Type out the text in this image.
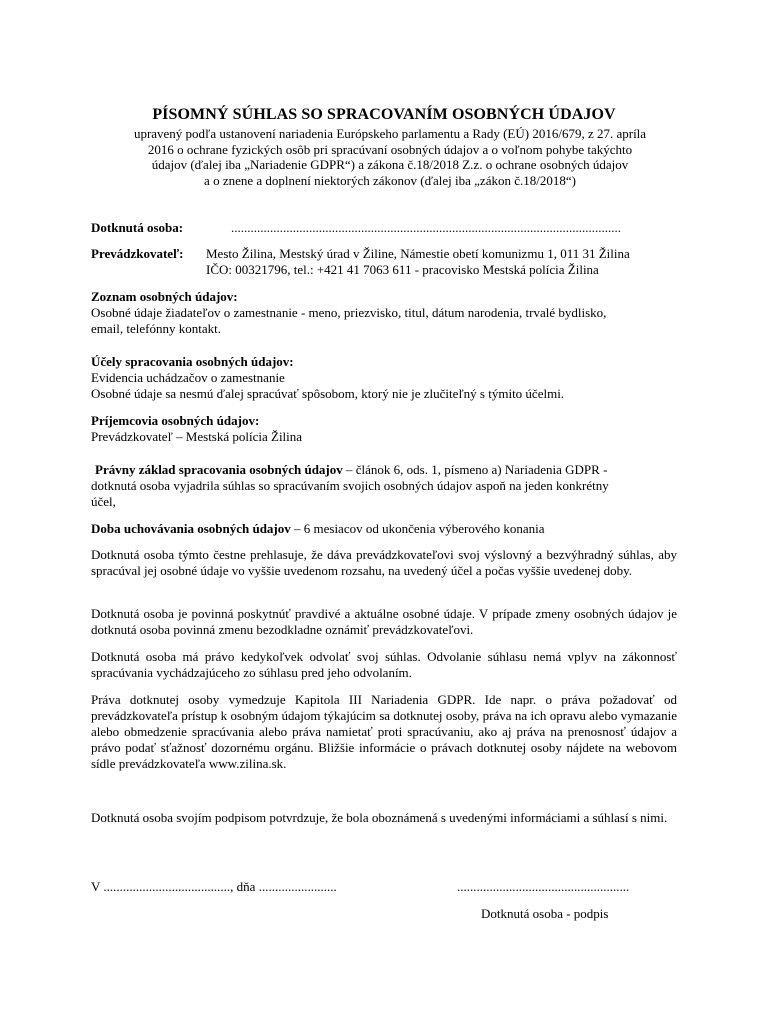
PÍSOMNÝ SÚHLAS SO SPRACOVANÍM OSOBNÝCH ÚDAJOV
upravený podľa ustanovení nariadenia Európskeho parlamentu a Rady (EÚ) 2016/679, z 27. apríla
2016 o ochrane fyzických osôb pri spracúvaní osobných údajov a o voľnom pohybe takýchto
údajov (ďalej iba „Nariadenie GDPR“) a zákona č.18/2018 Z.z. o ochrane osobných údajov
a o znene a doplnení niektorých zákonov (ďalej iba „zákon č.18/2018“)
Dotknutá osoba:	........................................................................................................................
Prevádzkovateľ: Mesto Žilina, Mestský úrad v Žiline, Námestie obetí komunizmu 1, 011 31 Žilina
IČO: 00321796, tel.: +421 41 7063 611 - pracovisko Mestská polícia Žilina
Zoznam osobných údajov:
Osobné údaje žiadateľov o zamestnanie - meno, priezvisko, titul, dátum narodenia, trvalé bydlisko,
email, telefónny kontakt.
Účely spracovania osobných údajov:
Evidencia uchádzačov o zamestnanie
Osobné údaje sa nesmú ďalej spracúvať spôsobom, ktorý nie je zlučiteľný s týmito účelmi.
Príjemcovia osobných údajov:
Prevádzkovateľ – Mestská polícia Žilina
Právny základ spracovania osobných údajov – článok 6, ods. 1, písmeno a) Nariadenia GDPR -
dotknutá osoba vyjadrila súhlas so spracúvaním svojich osobných údajov aspoň na jeden konkrétny
účel,
Doba uchovávania osobných údajov – 6 mesiacov od ukončenia výberového konania
Dotknutá osoba týmto čestne prehlasuje, že dáva prevádzkovateľovi svoj výslovný a bezvýhradný súhlas, aby spracúval jej osobné údaje vo vyššie uvedenom rozsahu, na uvedený účel a počas vyššie uvedenej doby.
Dotknutá osoba je povinná poskytnúť pravdivé a aktuálne osobné údaje. V prípade zmeny osobných údajov je dotknutá osoba povinná zmenu bezodkladne oznámiť prevádzkovateľovi.
Dotknutá osoba má právo kedykoľvek odvolať svoj súhlas. Odvolanie súhlasu nemá vplyv na zákonnosť spracúvania vychádzajúceho zo súhlasu pred jeho odvolaním.
Práva dotknutej osoby vymedzuje Kapitola III Nariadenia GDPR. Ide napr. o práva požadovať od prevádzkovateľa prístup k osobným údajom týkajúcim sa dotknutej osoby, práva na ich opravu alebo vymazanie alebo obmedzenie spracúvania alebo práva namietať proti spracúvaniu, ako aj práva na prenosnosť údajov a právo podať sťažnosť dozornému orgánu. Bližšie informácie o právach dotknutej osoby nájdete na webovom sídle prevádzkovateľa www.zilina.sk.
Dotknutá osoba svojím podpisom potvrdzuje, že bola oboznámená s uvedenými informáciami a súhlasí s nimi.
V ......................................., dňa ........................	.....................................................
Dotknutá osoba - podpis
